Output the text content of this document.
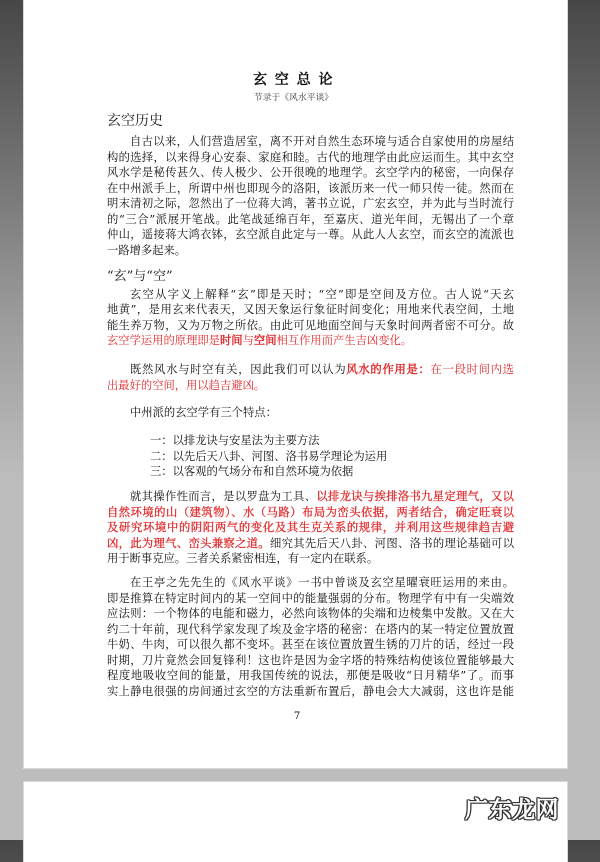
玄 空 总 论
节录于《风水平谈》
玄空历史
自古以来，人们营造居室，离不开对自然生态环境与适合自家使用的房屋结
构的选择，以来得身心安泰、家庭和睦。古代的地理学由此应运而生。其中玄空
风水学是秘传甚久、传人极少、公开很晚的地理学。玄空学内的秘密，一向保存
在中州派手上，所谓中州也即现今的洛阳，该派历来一代一师只传一徒。然而在
明末清初之际，忽然出了一位蒋大鸿，著书立说，广宏玄空，并为此与当时流行
的“三合”派展开笔战。此笔战延绵百年，至嘉庆、道光年间，无锡出了一个章
仲山，遥接蒋大鸿衣钵，玄空派自此定与一尊。从此人人玄空，而玄空的流派也
一路增多起来。
“玄”与“空”
玄空从字义上解释“玄”即是天时；“空”即是空间及方位。古人说“天玄
地黄”，是用玄来代表天，又因天象运行象征时间变化；用地来代表空间，土地
能生养万物，又为万物之所依。由此可见地面空间与天象时间两者密不可分。故
玄空学运用的原理即是时间与空间相互作用而产生吉凶变化。
既然风水与时空有关，因此我们可以认为风水的作用是：在一段时间内选
出最好的空间，用以趋吉避凶。
中州派的玄空学有三个特点：
一：以排龙诀与安星法为主要方法
二：以先后天八卦、河图、洛书易学理论为运用
三：以客观的气场分布和自然环境为依据
就其操作性而言，是以罗盘为工具、以排龙诀与挨排洛书九星定理气，又以
自然环境的山（建筑物）、水（马路）布局为峦头依据，两者结合，确定旺衰以
及研究环境中的阴阳两气的变化及其生克关系的规律，并利用这些规律趋吉避
凶，此为理气、峦头兼察之道。细究其先后天八卦、河图、洛书的理论基础可以
用于断事克应。三者关系紧密相连，有一定内在联系。
在王亭之先先生的《风水平谈》一书中曾谈及玄空星曜衰旺运用的来由。
即是推算在特定时间内的某一空间中的能量强弱的分布。物理学有中有一尖端效
应法则：一个物体的电能和磁力，必然向该物体的尖端和边棱集中发散。又在大
约二十年前，现代科学家发现了埃及金字塔的秘密：在塔内的某一特定位置放置
牛奶、牛肉，可以很久都不变坏。甚至在该位置放置生锈的刀片的话，经过一段
时期，刀片竟然会回复锋利！这也许是因为金字塔的特殊结构使该位置能够最大
程度地吸收空间的能量，用我国传统的说法，那便是吸收“日月精华”了。而事
实上静电很强的房间通过玄空的方法重新布置后，静电会大大减弱，这也许是能
7
广东龙网
